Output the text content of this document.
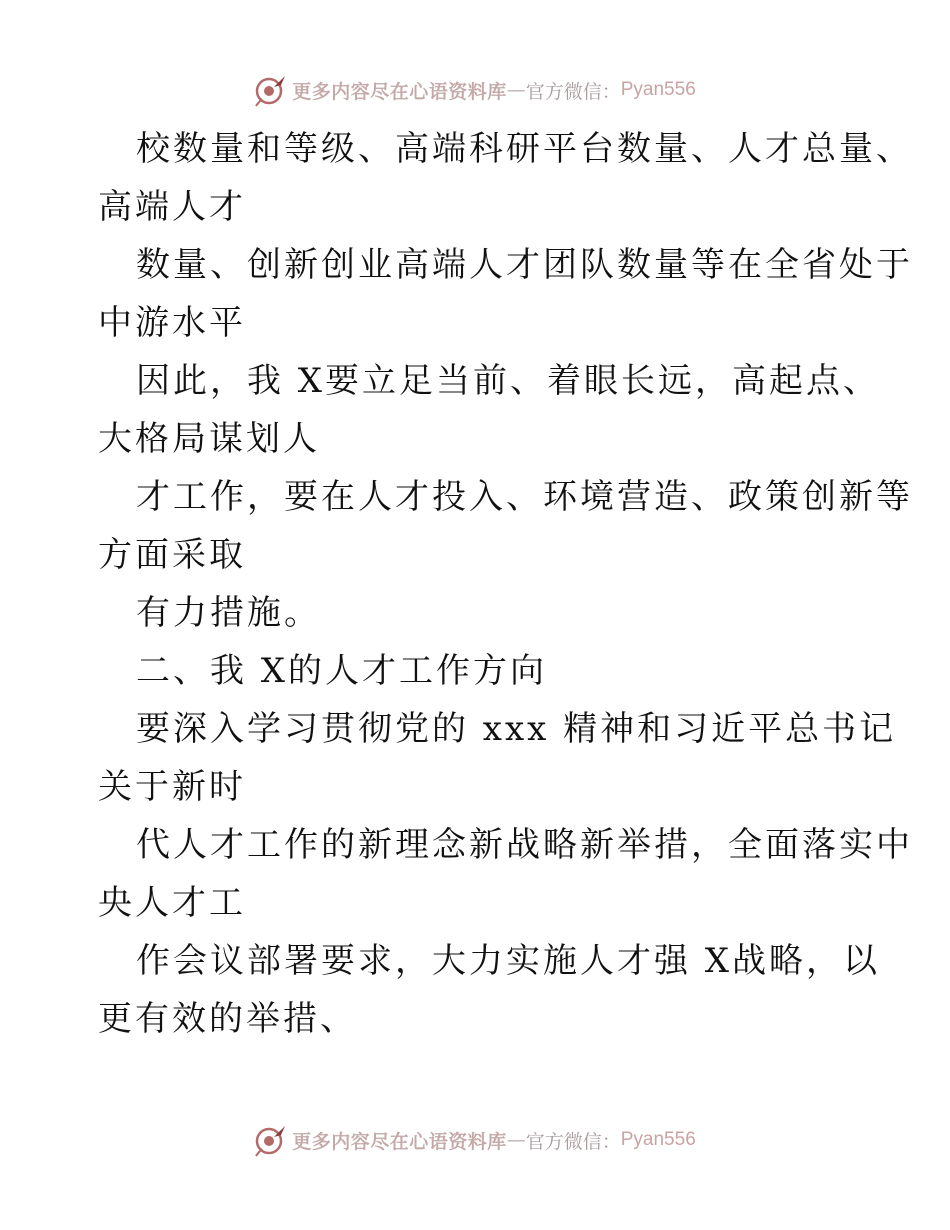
更多内容尽在心语资料库 — 官方微信： Pyan556
校数量和等级、高端科研平台数量、人才总量、
高端人才
数量、创新创业高端人才团队数量等在全省处于
中游水平
因此，我 X要立足当前、着眼长远，高起点、
大格局谋划人
才工作，要在人才投入、环境营造、政策创新等
方面采取
有力措施。
二、我 X的人才工作方向
要深入学习贯彻党的 xxx 精神和习近平总书记
关于新时
代人才工作的新理念新战略新举措，全面落实中
央人才工
作会议部署要求，大力实施人才强 X战略，以
更有效的举措、
更多内容尽在心语资料库 — 官方微信： Pyan556
